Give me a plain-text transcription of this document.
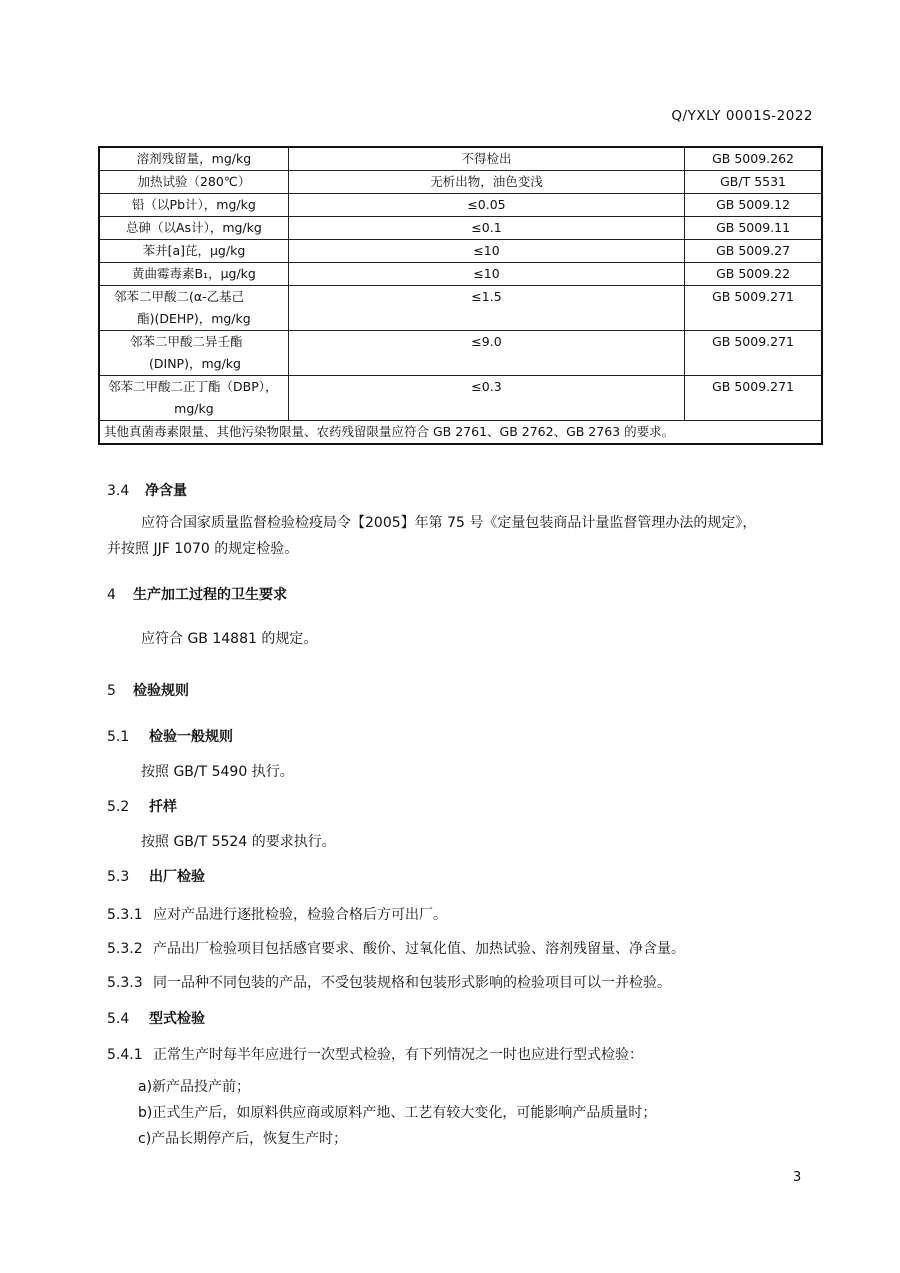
Q/YXLY 0001S-2022
溶剂残留量，mg/kg	不得检出	GB 5009.262

加热试验（280℃）	无析出物，油色变浅	GB/T 5531

铅（以Pb计），mg/kg	≤0.05	GB 5009.12

总砷（以As计），mg/kg	≤0.1	GB 5009.11

苯并[a]芘，μg/kg	≤10	GB 5009.27

黄曲霉毒素B₁，μg/kg	≤10	GB 5009.22

邻苯二甲酸二(α-乙基己
酯)(DEHP)，mg/kg	≤1.5	GB 5009.271

邻苯二甲酸二异壬酯
(DINP)，mg/kg	≤9.0	GB 5009.271

邻苯二甲酸二正丁酯（DBP），
mg/kg	≤0.3	GB 5009.271
其他真菌毒素限量、其他污染物限量、农药残留限量应符合 GB 2761、GB 2762、GB 2763 的要求。		
3.4 净含量
应符合国家质量监督检验检疫局令【2005】年第 75 号《定量包装商品计量监督管理办法的规定》，
并按照 JJF 1070 的规定检验。
4 生产加工过程的卫生要求
应符合 GB 14881 的规定。
5 检验规则
5.1 检验一般规则
按照 GB/T 5490 执行。
5.2 扦样
按照 GB/T 5524 的要求执行。
5.3 出厂检验
5.3.1 应对产品进行逐批检验，检验合格后方可出厂。
5.3.2 产品出厂检验项目包括感官要求、酸价、过氧化值、加热试验、溶剂残留量、净含量。
5.3.3 同一品种不同包装的产品，不受包装规格和包装形式影响的检验项目可以一并检验。
5.4 型式检验
5.4.1 正常生产时每半年应进行一次型式检验，有下列情况之一时也应进行型式检验：
a)新产品投产前；
b)正式生产后，如原料供应商或原料产地、工艺有较大变化，可能影响产品质量时；
c)产品长期停产后，恢复生产时；
3
